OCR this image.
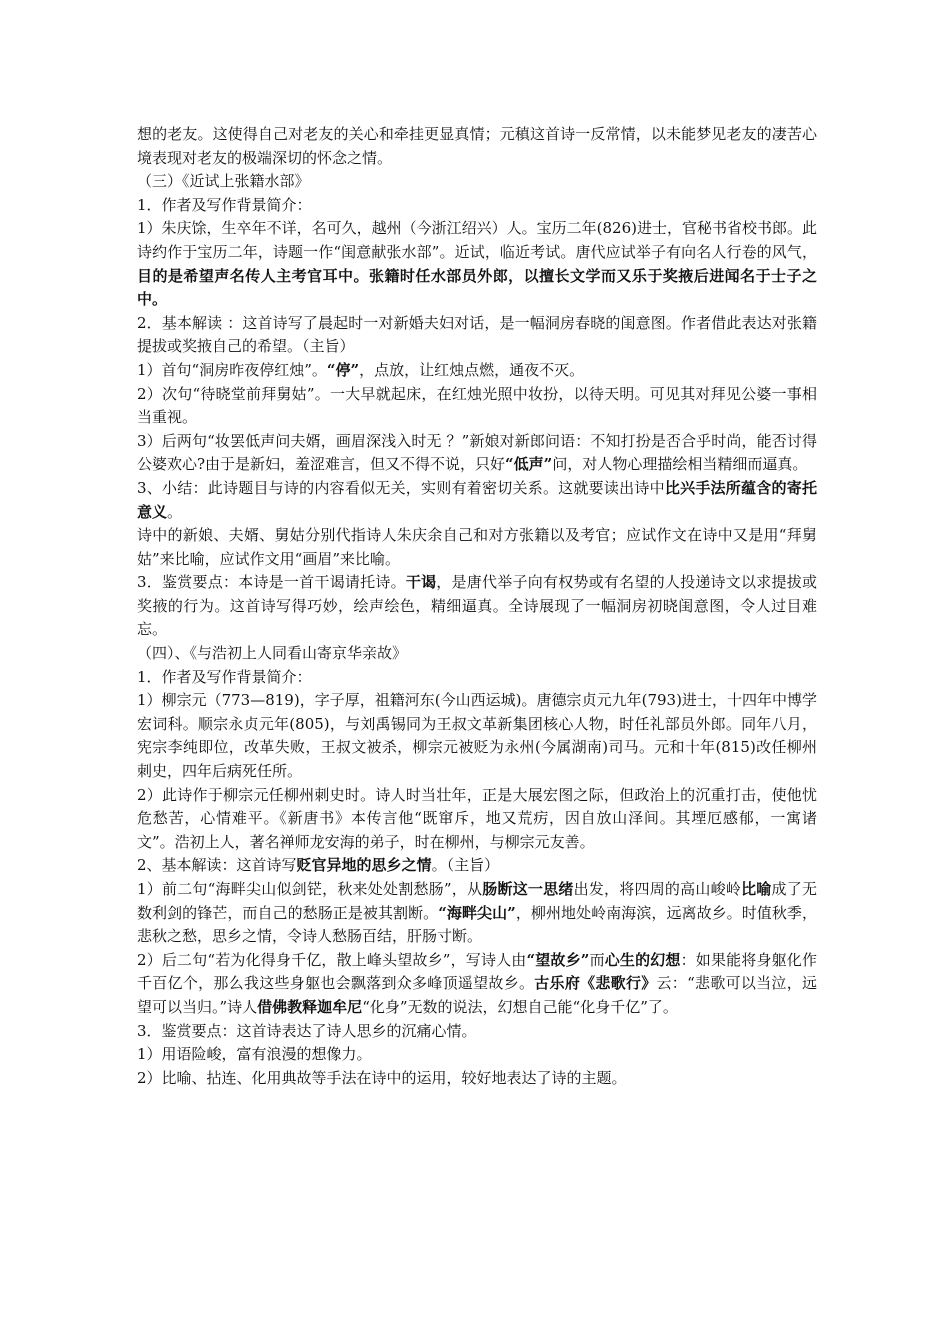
想的老友。这使得自己对老友的关心和牵挂更显真情；元稹这首诗一反常情，以未能梦见老友的凄苦心境表现对老友的极端深切的怀念之情。

（三）《近试上张籍水部》

1．作者及写作背景简介：

1）朱庆馀，生卒年不详，名可久，越州（今浙江绍兴）人。宝历二年(826)进士，官秘书省校书郎。此诗约作于宝历二年，诗题一作“闺意献张水部”。近试，临近考试。唐代应试举子有向名人行卷的风气，目的是希望声名传人主考官耳中。张籍时任水部员外郎，以擅长文学而又乐于奖掖后进闻名于士子之中。

2．基本解读 ：这首诗写了晨起时一对新婚夫妇对话，是一幅洞房春晓的闺意图。作者借此表达对张籍提拔或奖掖自己的希望。（主旨）

1）首句“洞房昨夜停红烛”。“停”，点放，让红烛点燃，通夜不灭。

2）次句“待晓堂前拜舅姑”。一大早就起床，在红烛光照中妆扮，以待天明。可见其对拜见公婆一事相当重视。

3）后两句“妆罢低声问夫婿，画眉深浅入时无 ？”新娘对新郎问语：不知打扮是否合乎时尚，能否讨得公婆欢心?由于是新妇，羞涩难言，但又不得不说，只好“低声”问，对人物心理描绘相当精细而逼真。

3、小结：此诗题目与诗的内容看似无关，实则有着密切关系。这就要读出诗中比兴手法所蕴含的寄托意义。

诗中的新娘、夫婿、舅姑分别代指诗人朱庆余自己和对方张籍以及考官；应试作文在诗中又是用“拜舅姑”来比喻，应试作文用“画眉”来比喻。

3．鉴赏要点：本诗是一首干谒请托诗。干谒，是唐代举子向有权势或有名望的人投递诗文以求提拔或奖掖的行为。这首诗写得巧妙，绘声绘色，精细逼真。全诗展现了一幅洞房初晓闺意图，令人过目难忘。

（四）、《与浩初上人同看山寄京华亲故》

1．作者及写作背景简介：

1）柳宗元（773—819)，字子厚，祖籍河东(今山西运城)。唐德宗贞元九年(793)进士，十四年中博学宏词科。顺宗永贞元年(805)，与刘禹锡同为王叔文革新集团核心人物，时任礼部员外郎。同年八月，宪宗李纯即位，改革失败，王叔文被杀，柳宗元被贬为永州(今属湖南)司马。元和十年(815)改任柳州刺史，四年后病死任所。

2）此诗作于柳宗元任柳州刺史时。诗人时当壮年，正是大展宏图之际，但政治上的沉重打击，使他忧危愁苦，心情难平。《新唐书》本传言他“既窜斥，地又荒疠，因自放山泽间。其堙厄感郁，一寓诸文”。浩初上人，著名禅师龙安海的弟子，时在柳州，与柳宗元友善。

2、基本解读：这首诗写贬官异地的思乡之情。（主旨）

1）前二句“海畔尖山似剑铓，秋来处处割愁肠”，从肠断这一思绪出发，将四周的高山峻岭比喻成了无数利剑的锋芒，而自己的愁肠正是被其割断。“海畔尖山”，柳州地处岭南海滨，远离故乡。时值秋季，悲秋之愁，思乡之情，令诗人愁肠百结，肝肠寸断。

2）后二句“若为化得身千亿，散上峰头望故乡”，写诗人由“望故乡”而心生的幻想：如果能将身躯化作千百亿个，那么我这些身躯也会飘落到众多峰顶遥望故乡。古乐府《悲歌行》云：“悲歌可以当泣，远望可以当归。”诗人借佛教释迦牟尼“化身”无数的说法，幻想自己能“化身千亿”了。

3．鉴赏要点：这首诗表达了诗人思乡的沉痛心情。

1）用语险峻，富有浪漫的想像力。

2）比喻、拈连、化用典故等手法在诗中的运用，较好地表达了诗的主题。
